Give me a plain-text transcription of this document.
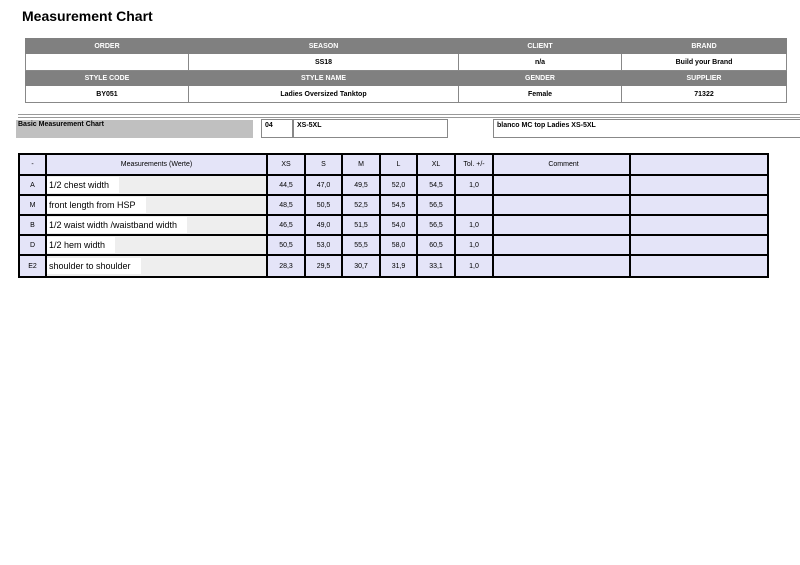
Measurement Chart
ORDER	SEASON	CLIENT	BRAND
	SS18	n/a	Build your Brand
STYLE CODE	STYLE NAME	GENDER	SUPPLIER
BY051	Ladies Oversized Tanktop	Female	71322
Basic Measurement Chart	04	XS-5XL	blanco MC top Ladies XS-5XL
-	Measurements (Werte)	XS	S	M	L	XL	Tol. +/-	Comment	
A	1/2 chest width	44,5	47,0	49,5	52,0	54,5	1,0		
M	front length from HSP	48,5	50,5	52,5	54,5	56,5			
B	1/2 waist width /waistband width	46,5	49,0	51,5	54,0	56,5	1,0		
D	1/2 hem width	50,5	53,0	55,5	58,0	60,5	1,0		
E2	shoulder to shoulder	28,3	29,5	30,7	31,9	33,1	1,0		
